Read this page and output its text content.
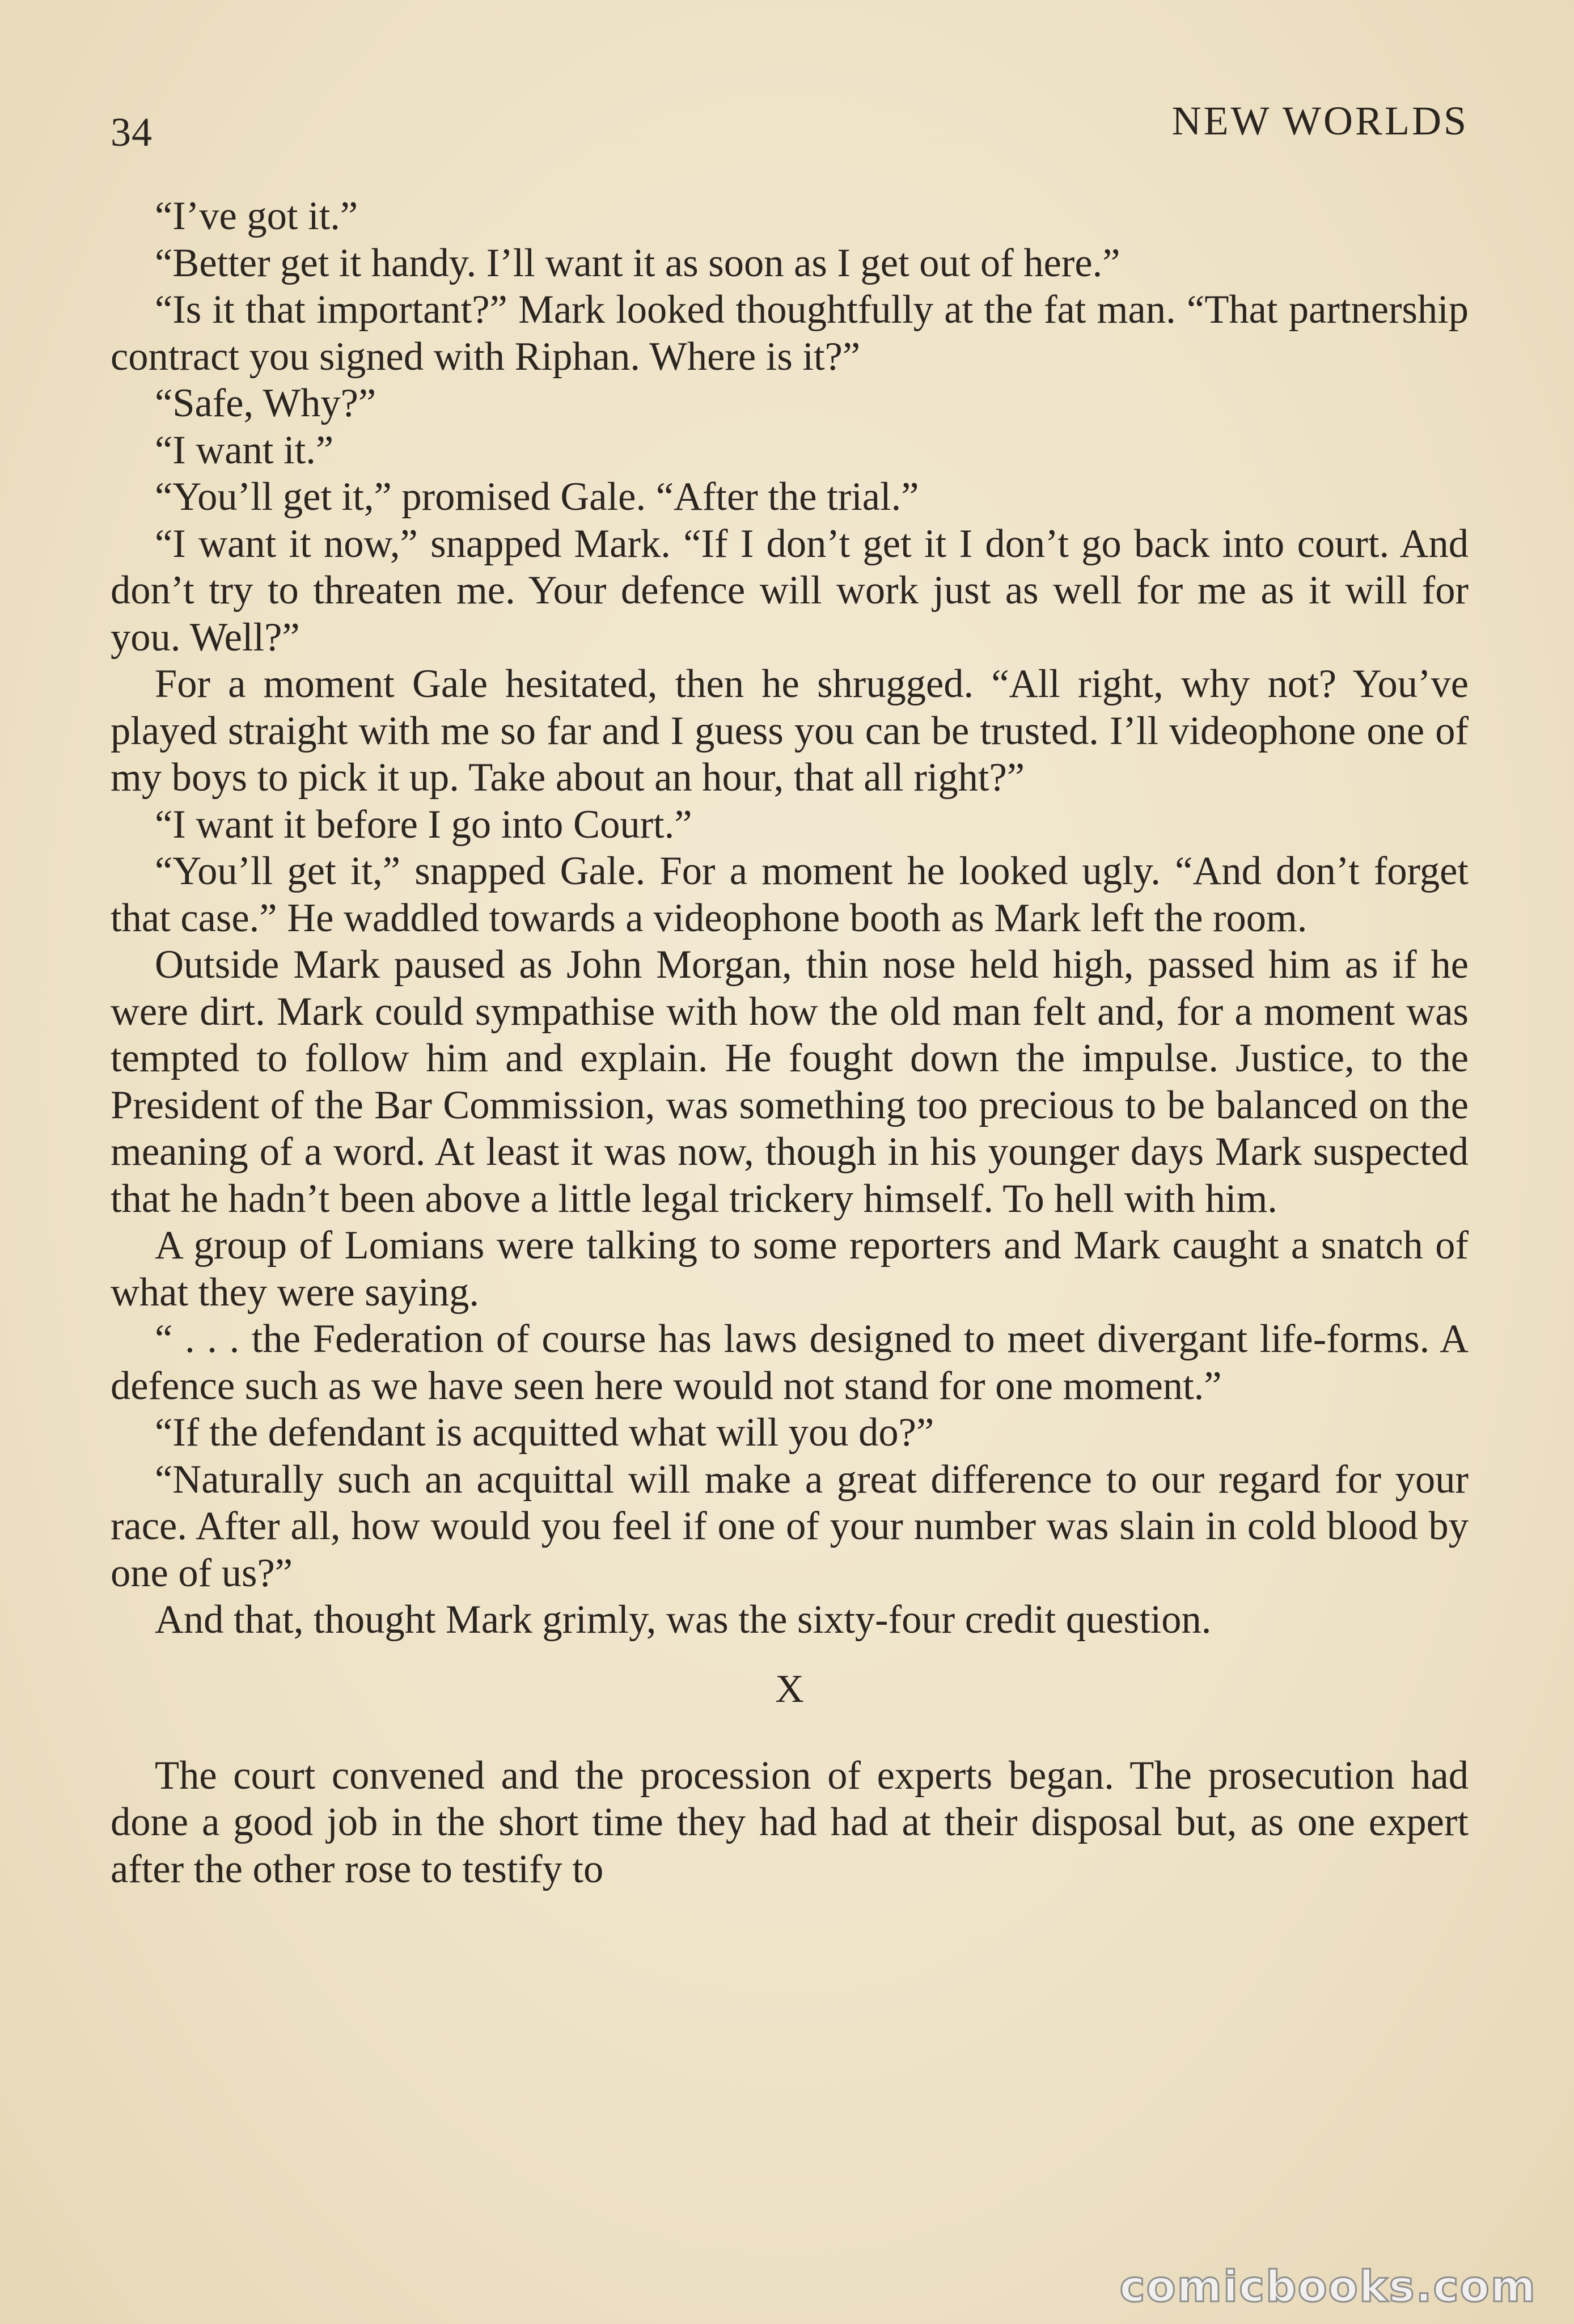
34	NEW WORLDS

“I’ve got it.”

“Better get it handy. I’ll want it as soon as I get out of here.”

“Is it that important?” Mark looked thoughtfully at the fat man. “That partnership contract you signed with Riphan. Where is it?”

“Safe, Why?”

“I want it.”

“You’ll get it,” promised Gale. “After the trial.”

“I want it now,” snapped Mark. “If I don’t get it I don’t go back into court. And don’t try to threaten me. Your defence will work just as well for me as it will for you. Well?”

For a moment Gale hesitated, then he shrugged. “All right, why not? You’ve played straight with me so far and I guess you can be trusted. I’ll videophone one of my boys to pick it up. Take about an hour, that all right?”

“I want it before I go into Court.”

“You’ll get it,” snapped Gale. For a moment he looked ugly. “And don’t forget that case.” He waddled towards a videophone booth as Mark left the room.

Outside Mark paused as John Morgan, thin nose held high, passed him as if he were dirt. Mark could sympathise with how the old man felt and, for a moment was tempted to follow him and explain. He fought down the impulse. Justice, to the President of the Bar Commission, was something too precious to be balanced on the meaning of a word. At least it was now, though in his younger days Mark suspected that he hadn’t been above a little legal trickery himself. To hell with him.

A group of Lomians were talking to some reporters and Mark caught a snatch of what they were saying.

“ . . . the Federation of course has laws designed to meet divergant life-forms. A defence such as we have seen here would not stand for one moment.”

“If the defendant is acquitted what will you do?”

“Naturally such an acquittal will make a great difference to our regard for your race. After all, how would you feel if one of your number was slain in cold blood by one of us?”

And that, thought Mark grimly, was the sixty-four credit question.

X

The court convened and the procession of experts began. The prosecution had done a good job in the short time they had had at their disposal but, as one expert after the other rose to testify to

comicbooks.com
